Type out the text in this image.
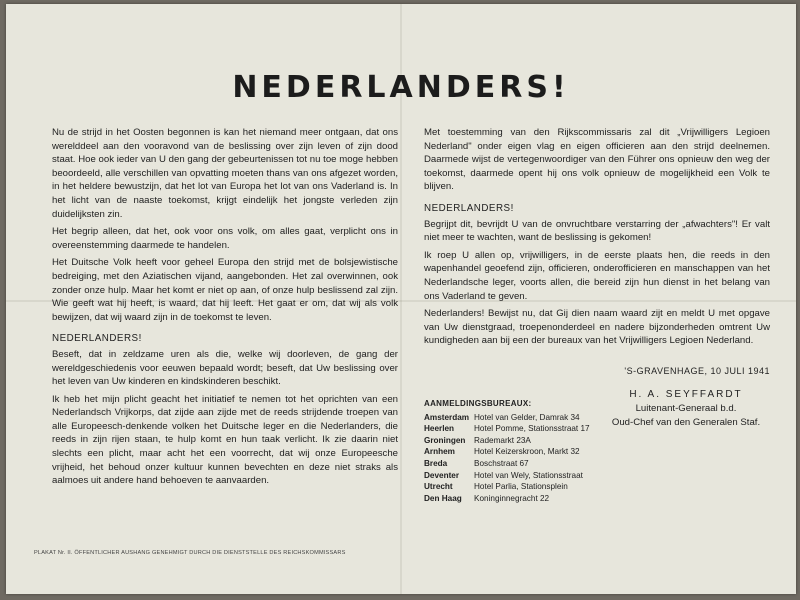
NEDERLANDERS!

Nu de strijd in het Oosten begonnen is kan het niemand meer ontgaan, dat ons werelddeel aan den vooravond van de beslissing over zijn leven of zijn dood staat. Hoe ook ieder van U den gang der gebeurtenissen tot nu toe moge hebben beoordeeld, alle verschillen van opvatting moeten thans van ons afgezet worden, in het heldere bewustzijn, dat het lot van Europa het lot van ons Vaderland is. In het licht van de naaste toekomst, krijgt eindelijk het jongste verleden zijn duidelijksten zin.

Het begrip alleen, dat het, ook voor ons volk, om alles gaat, verplicht ons in overeenstemming daarmede te handelen.

Het Duitsche Volk heeft voor geheel Europa den strijd met de bolsjewistische bedreiging, met den Aziatischen vijand, aangebonden. Het zal overwinnen, ook zonder onze hulp. Maar het komt er niet op aan, of onze hulp beslissend zal zijn. Wie geeft wat hij heeft, is waard, dat hij leeft. Het gaat er om, dat wij als volk bewijzen, dat wij waard zijn in de toekomst te leven.

NEDERLANDERS!

Beseft, dat in zeldzame uren als die, welke wij doorleven, de gang der wereldgeschiedenis voor eeuwen bepaald wordt; beseft, dat Uw beslissing over het leven van Uw kinderen en kindskinderen beschikt.

Ik heb het mijn plicht geacht het initiatief te nemen tot het oprichten van een Nederlandsch Vrijkorps, dat zijde aan zijde met de reeds strijdende troepen van alle Europeesch-denkende volken het Duitsche leger en die Nederlanders, die reeds in zijn rijen staan, te hulp komt en hun taak verlicht. Ik zie daarin niet slechts een plicht, maar acht het een voorrecht, dat wij onze Europeesche vrijheid, het behoud onzer kultuur kunnen bevechten en deze niet straks als aalmoes uit andere hand behoeven te aanvaarden.

Met toestemming van den Rijkscommissaris zal dit „Vrijwilligers Legioen Nederland" onder eigen vlag en eigen officieren aan den strijd deelnemen. Daarmede wijst de vertegenwoordiger van den Führer ons opnieuw den weg der toekomst, daarmede opent hij ons volk opnieuw de mogelijkheid een Volk te blijven.

NEDERLANDERS!

Begrijpt dit, bevrijdt U van de onvruchtbare verstarring der „afwachters"! Er valt niet meer te wachten, want de beslissing is gekomen!

Ik roep U allen op, vrijwilligers, in de eerste plaats hen, die reeds in den wapenhandel geoefend zijn, officieren, onderofficieren en manschappen van het Nederlandsche leger, voorts allen, die bereid zijn hun dienst in het belang van ons Vaderland te geven.

Nederlanders! Bewijst nu, dat Gij dien naam waard zijt en meldt U met opgave van Uw dienstgraad, troepenonderdeel en nadere bijzonderheden omtrent Uw kundigheden aan bij een der bureaux van het Vrijwilligers Legioen Nederland.

'S-GRAVENHAGE, 10 JULI 1941
H. A. SEYFFARDT
Luitenant-Generaal b.d.
Oud-Chef van den Generalen Staf.
AANMELDINGSBUREAUX:
Amsterdam Hotel van Gelder, Damrak 34
Heerlen	Hotel Pomme, Stationsstraat 17
Groningen	Rademarkt 23A
Arnhem	Hotel Keizerskroon, Markt 32
Breda	Boschstraat 67
Deventer	Hotel van Wely, Stationsstraat
Utrecht	Hotel Parlia, Stationsplein
Den Haag	Koninginnegracht 22
PLAKAT Nr. II. ÖFFENTLICHER AUSHANG GENEHMIGT DURCH DIE DIENSTSTELLE DES REICHSKOMMISSARS
